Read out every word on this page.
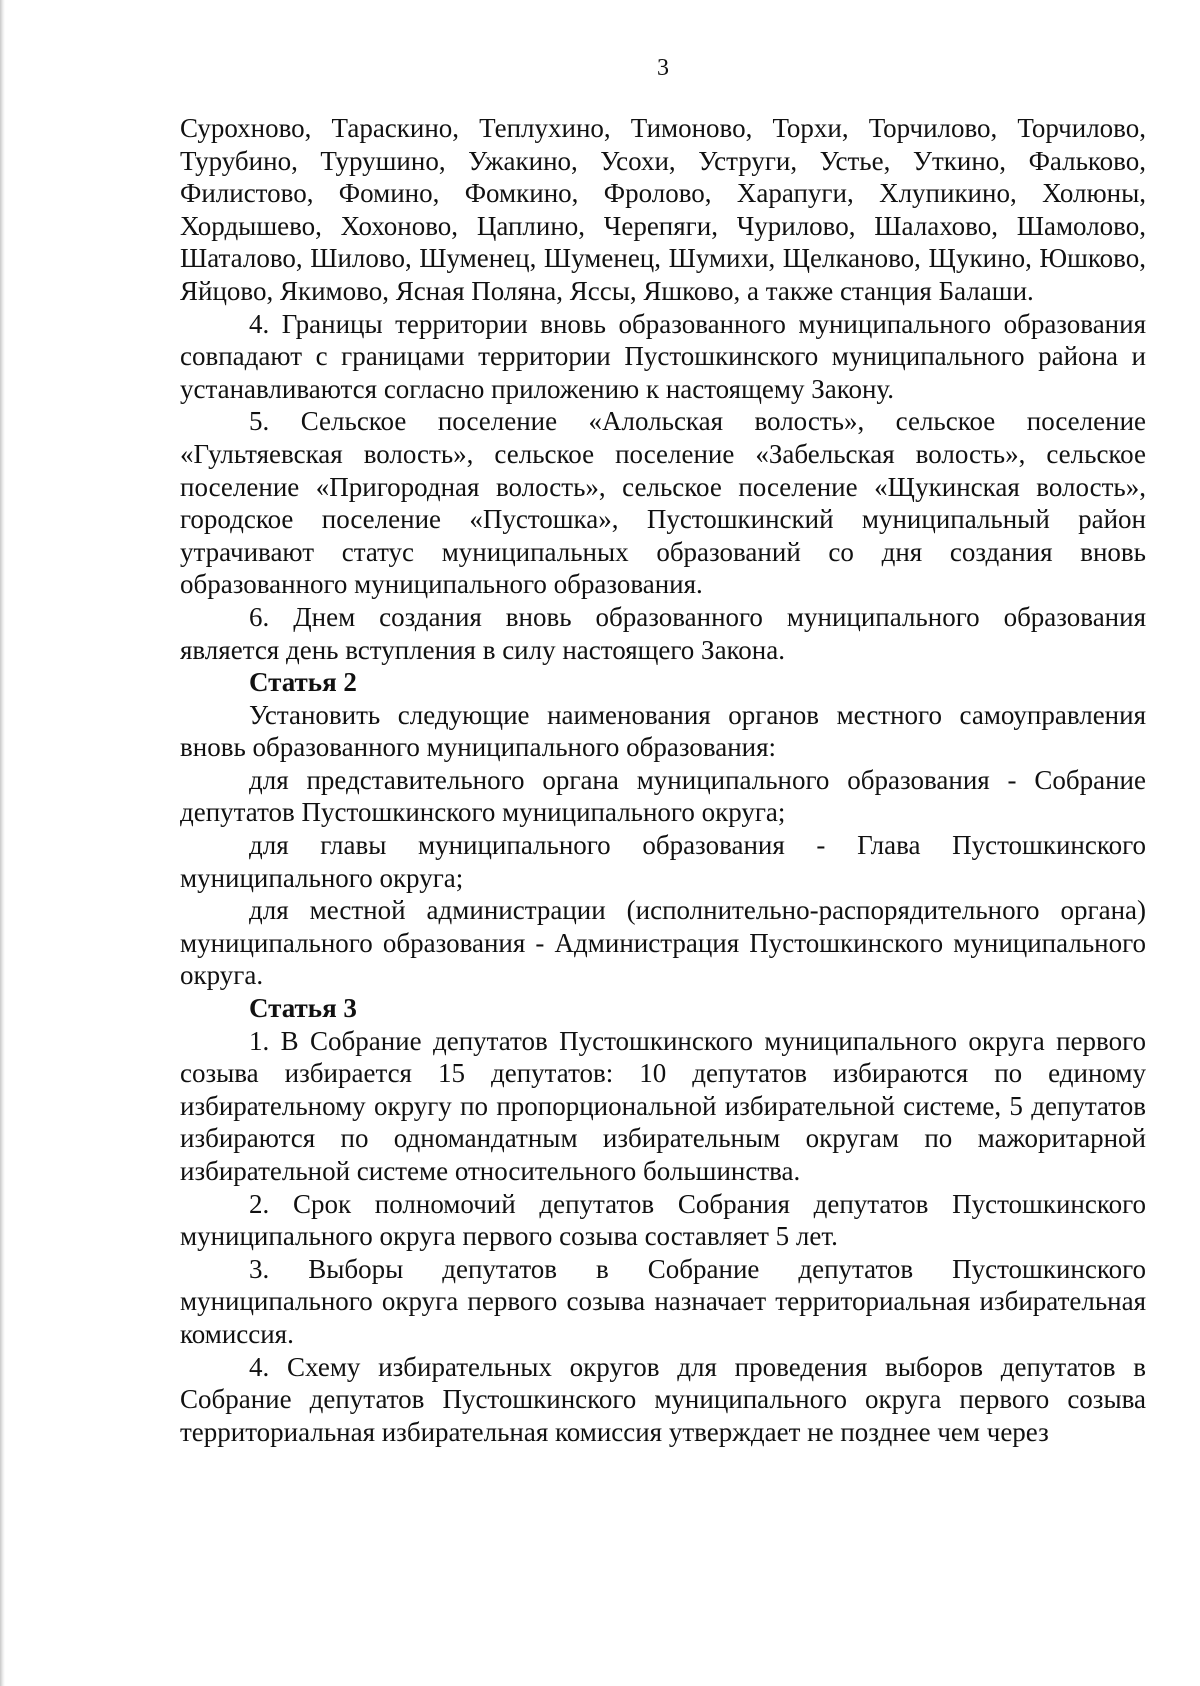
3

Сурохново, Тараскино, Теплухино, Тимоново, Торхи, Торчилово, Торчилово, Турубино, Турушино, Ужакино, Усохи, Уструги, Устье, Уткино, Фальково, Филистово, Фомино, Фомкино, Фролово, Харапуги, Хлупикино, Холюны, Хордышево, Хохоново, Цаплино, Черепяги, Чурилово, Шалахово, Шамолово, Шаталово, Шилово, Шуменец, Шуменец, Шумихи, Щелканово, Щукино, Юшково, Яйцово, Якимово, Ясная Поляна, Яссы, Яшково, а также станция Балаши.

4. Границы территории вновь образованного муниципального образования совпадают с границами территории Пустошкинского муниципального района и устанавливаются согласно приложению к настоящему Закону.

5. Сельское поселение «Алольская волость», сельское поселение «Гультяевская волость», сельское поселение «Забельская волость», сельское поселение «Пригородная волость», сельское поселение «Щукинская волость», городское поселение «Пустошка», Пустошкинский муниципальный район утрачивают статус муниципальных образований со дня создания вновь образованного муниципального образования.

6. Днем создания вновь образованного муниципального образования является день вступления в силу настоящего Закона.

Статья 2

Установить следующие наименования органов местного самоуправления вновь образованного муниципального образования:

для представительного органа муниципального образования - Собрание депутатов Пустошкинского муниципального округа;

для главы муниципального образования - Глава Пустошкинского муниципального округа;

для местной администрации (исполнительно-распорядительного органа) муниципального образования - Администрация Пустошкинского муниципального округа.

Статья 3

1. В Собрание депутатов Пустошкинского муниципального округа первого созыва избирается 15 депутатов: 10 депутатов избираются по единому избирательному округу по пропорциональной избирательной системе, 5 депутатов избираются по одномандатным избирательным округам по мажоритарной избирательной системе относительного большинства.

2. Срок полномочий депутатов Собрания депутатов Пустошкинского муниципального округа первого созыва составляет 5 лет.

3. Выборы депутатов в Собрание депутатов Пустошкинского муниципального округа первого созыва назначает территориальная избирательная комиссия.

4. Схему избирательных округов для проведения выборов депутатов в Собрание депутатов Пустошкинского муниципального округа первого созыва территориальная избирательная комиссия утверждает не позднее чем через
